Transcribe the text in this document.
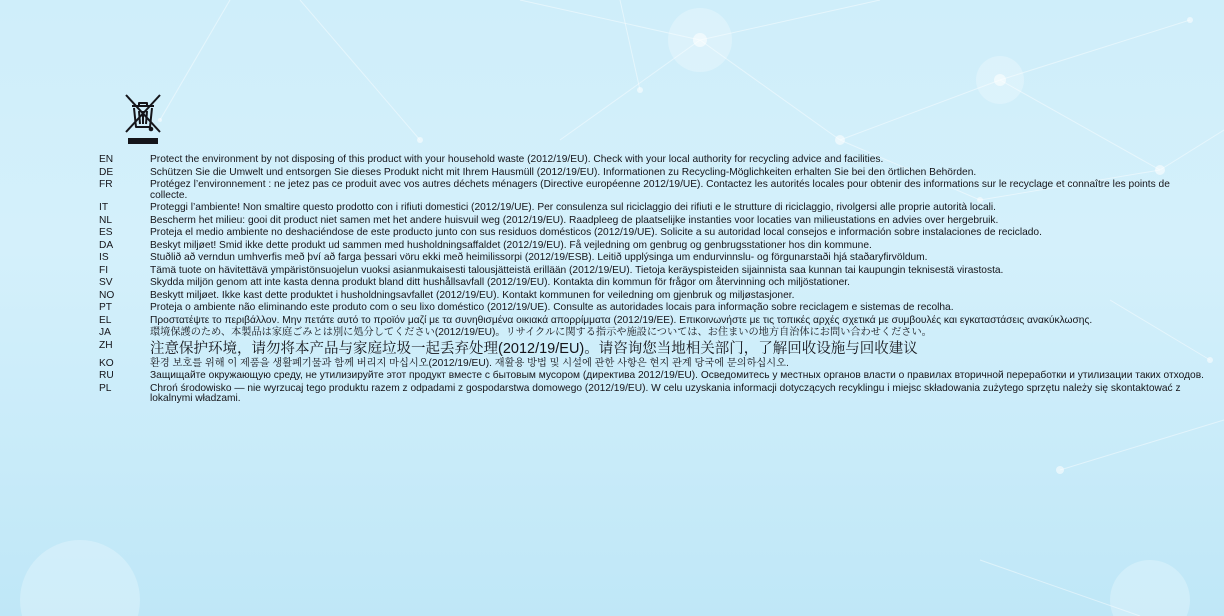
EN	Protect the environment by not disposing of this product with your household waste (2012/19/EU). Check with your local authority for recycling advice and facilities.
DE	Schützen Sie die Umwelt und entsorgen Sie dieses Produkt nicht mit Ihrem Hausmüll (2012/19/EU). Informationen zu Recycling-Möglichkeiten erhalten Sie bei den örtlichen Behörden.
FR	Protégez l’environnement : ne jetez pas ce produit avec vos autres déchets ménagers (Directive européenne 2012/19/UE). Contactez les autorités locales pour obtenir des informations sur le recyclage et connaître les points de collecte.
IT	Proteggi l’ambiente! Non smaltire questo prodotto con i rifiuti domestici (2012/19/UE). Per consulenza sul riciclaggio dei rifiuti e le strutture di riciclaggio, rivolgersi alle proprie autorità locali.
NL	Bescherm het milieu: gooi dit product niet samen met het andere huisvuil weg (2012/19/EU). Raadpleeg de plaatselijke instanties voor locaties van milieustations en advies over hergebruik.
ES	Proteja el medio ambiente no deshaciéndose de este producto junto con sus residuos domésticos (2012/19/UE). Solicite a su autoridad local consejos e información sobre instalaciones de reciclado.
DA	Beskyt miljøet! Smid ikke dette produkt ud sammen med husholdningsaffaldet (2012/19/EU). Få vejledning om genbrug og genbrugsstationer hos din kommune.
IS	Stuðlið að verndun umhverfis með því að farga þessari vöru ekki með heimilissorpi (2012/19/ESB). Leitið upplýsinga um endurvinnslu- og förgunarstaði hjá staðaryfirvöldum.
FI	Tämä tuote on hävitettävä ympäristönsuojelun vuoksi asianmukaisesti talousjätteistä erillään (2012/19/EU). Tietoja keräyspisteiden sijainnista saa kunnan tai kaupungin teknisestä virastosta.
SV	Skydda miljön genom att inte kasta denna produkt bland ditt hushållsavfall (2012/19/EU). Kontakta din kommun för frågor om återvinning och miljöstationer.
NO	Beskytt miljøet. Ikke kast dette produktet i husholdningsavfallet (2012/19/EU). Kontakt kommunen for veiledning om gjenbruk og miljøstasjoner.
PT	Proteja o ambiente não eliminando este produto com o seu lixo doméstico (2012/19/UE). Consulte as autoridades locais para informação sobre reciclagem e sistemas de recolha.
EL	Προστατέψτε το περιβάλλον. Μην πετάτε αυτό το προϊόν μαζί με τα συνηθισμένα οικιακά απορρίμματα (2012/19/ΕΕ). Επικοινωνήστε με τις τοπικές αρχές σχετικά με συμβουλές και εγκαταστάσεις ανακύκλωσης.
JA	環境保護のため、本製品は家庭ごみとは別に処分してください(2012/19/EU)。リサイクルに関する指示や施設については、お住まいの地方自治体にお問い合わせください。
ZH	注意保护环境，请勿将本产品与家庭垃圾一起丢弃处理(2012/19/EU)。请咨询您当地相关部门，了解回收设施与回收建议
KO	환경 보호를 위해 이 제품을 생활폐기물과 함께 버리지 마십시오(2012/19/EU). 재활용 방법 및 시설에 관한 사항은 현지 관계 당국에 문의하십시오.
RU	Защищайте окружающую среду, не утилизируйте этот продукт вместе с бытовым мусором (директива 2012/19/EU). Осведомитесь у местных органов власти о правилах вторичной переработки и утилизации таких отходов.
PL	Chroń środowisko — nie wyrzucaj tego produktu razem z odpadami z gospodarstwa domowego (2012/19/EU). W celu uzyskania informacji dotyczących recyklingu i miejsc składowania zużytego sprzętu należy się skontaktować z lokalnymi władzami.
